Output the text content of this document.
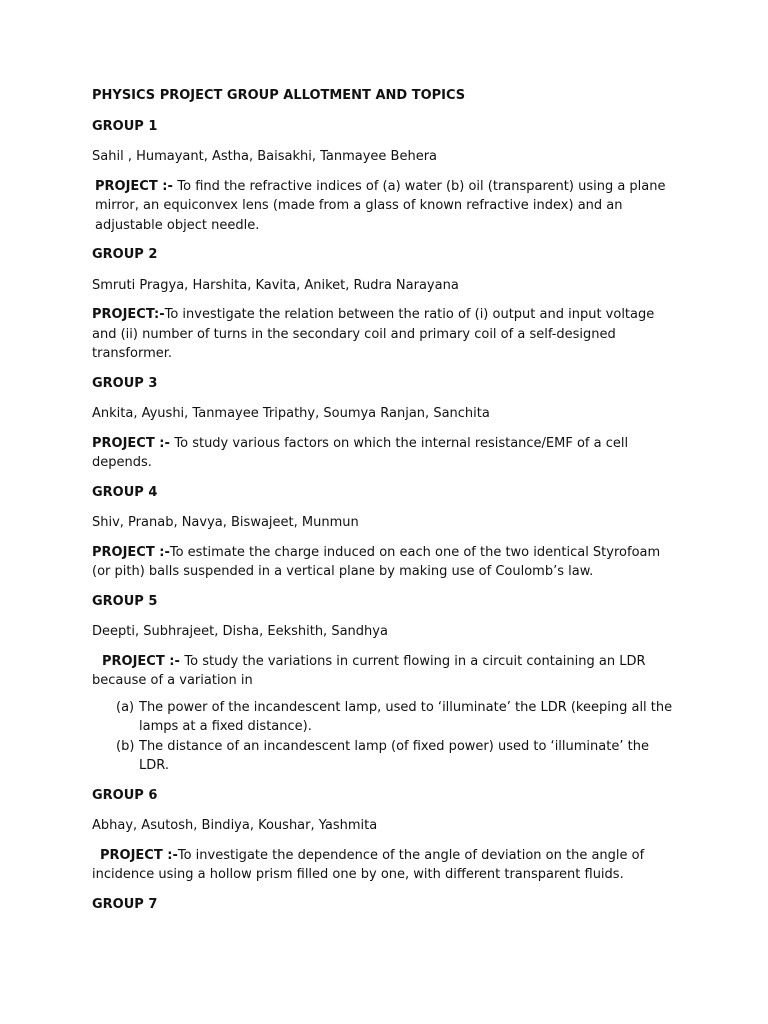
PHYSICS PROJECT GROUP ALLOTMENT AND TOPICS
GROUP 1
Sahil , Humayant, Astha, Baisakhi, Tanmayee Behera
PROJECT :- To find the refractive indices of (a) water (b) oil (transparent) using a plane mirror, an equiconvex lens (made from a glass of known refractive index) and an adjustable object needle.
GROUP 2
Smruti Pragya, Harshita, Kavita, Aniket, Rudra Narayana
PROJECT:-To investigate the relation between the ratio of (i) output and input voltage and (ii) number of turns in the secondary coil and primary coil of a self-designed transformer.
GROUP 3
Ankita, Ayushi, Tanmayee Tripathy, Soumya Ranjan, Sanchita
PROJECT :- To study various factors on which the internal resistance/EMF of a cell depends.
GROUP 4
Shiv, Pranab, Navya, Biswajeet, Munmun
PROJECT :-To estimate the charge induced on each one of the two identical Styrofoam (or pith) balls suspended in a vertical plane by making use of Coulomb’s law.
GROUP 5
Deepti, Subhrajeet, Disha, Eekshith, Sandhya
PROJECT :- To study the variations in current flowing in a circuit containing an LDR because of a variation in
(a) The power of the incandescent lamp, used to ‘illuminate’ the LDR (keeping all the lamps at a fixed distance).
(b) The distance of an incandescent lamp (of fixed power) used to ‘illuminate’ the LDR.
GROUP 6
Abhay, Asutosh, Bindiya, Koushar, Yashmita
PROJECT :-To investigate the dependence of the angle of deviation on the angle of incidence using a hollow prism filled one by one, with different transparent fluids.
GROUP 7
